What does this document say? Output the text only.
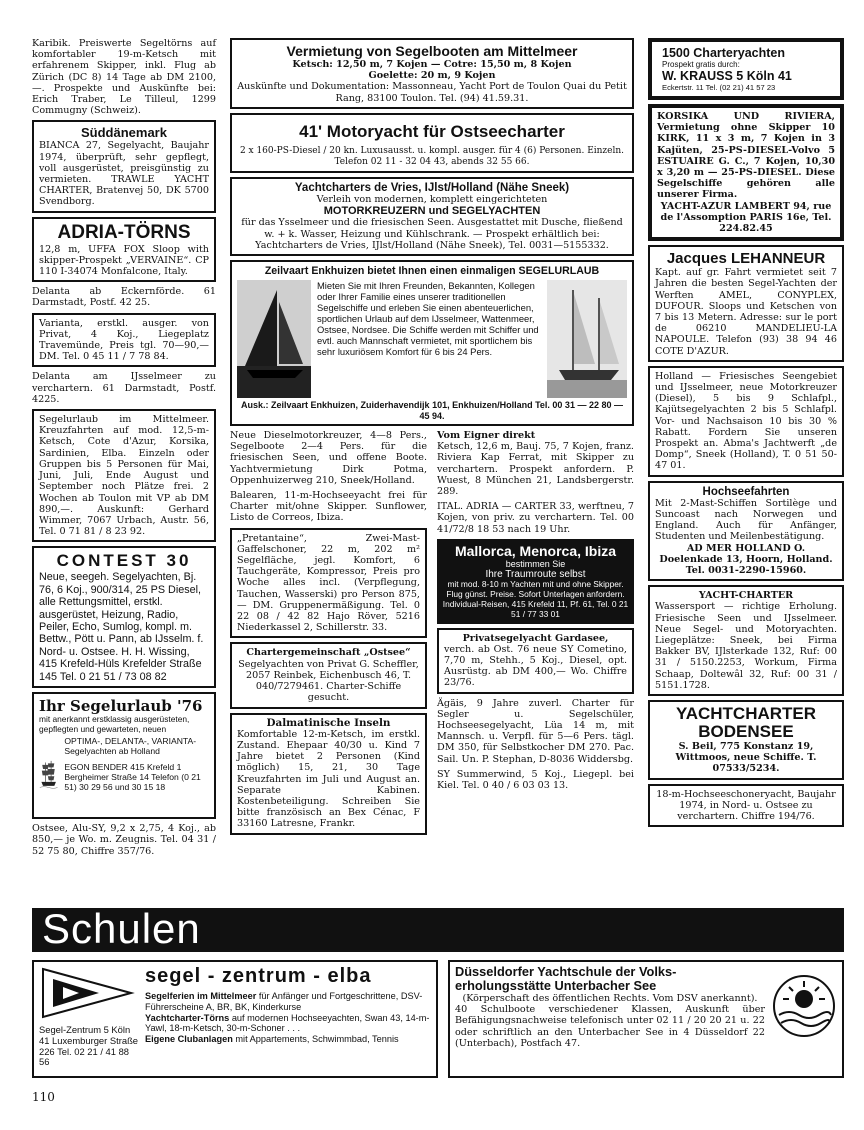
Karibik. Preiswerte Segeltörns auf komfortabler 19-m-Ketsch mit erfahrenem Skipper, inkl. Flug ab Zürich (DC 8) 14 Tage ab DM 2100,—. Prospekte und Auskünfte bei: Erich Traber, Le Tilleul, 1299 Commugny (Schweiz).
Süddänemark
BIANCA 27, Segelyacht, Baujahr 1974, überprüft, sehr gepflegt, voll ausgerüstet, preisgünstig zu vermieten. TRAWLE YACHT CHARTER, Bratenvej 50, DK 5700 Svendborg.
ADRIA-TÖRNS
12,8 m, UFFA FOX Sloop with skipper-Prospekt „VERVAINE“. CP 110 I-34074 Monfalcone, Italy.
Delanta ab Eckernförde. 61 Darmstadt, Postf. 42 25.
Varianta, erstkl. ausger. von Privat, 4 Koj., Liegeplatz Travemünde, Preis tgl. 70—90,— DM. Tel. 0 45 11 / 7 78 84.
Delanta am IJsselmeer zu verchartern. 61 Darmstadt, Postf. 4225.
Segelurlaub im Mittelmeer. Kreuzfahrten auf mod. 12,5-m-Ketsch, Cote d'Azur, Korsika, Sardinien, Elba. Einzeln oder Gruppen bis 5 Personen für Mai, Juni, Juli, Ende August und September noch Plätze frei. 2 Wochen ab Toulon mit VP ab DM 890,—. Auskunft: Gerhard Wimmer, 7067 Urbach, Austr. 56, Tel. 0 71 81 / 8 23 92.
CONTEST 30
Neue, seegeh. Segelyachten, Bj. 76, 6 Koj., 900/314, 25 PS Diesel, alle Rettungsmittel, erstkl. ausgerüstet, Heizung, Radio, Peiler, Echo, Sumlog, kompl. m. Bettw., Pött u. Pann, ab IJsselm. f. Nord- u. Ostsee. H. H. Wissing, 415 Krefeld-Hüls Krefelder Straße 145 Tel. 0 21 51 / 73 08 82
Ihr Segelurlaub '76
mit anerkannt erstklassig ausgerüsteten, gepflegten und gewarteten, neuen
OPTIMA-, DELANTA-, VARIANTA-Segelyachten ab Holland
EGON BENDER 415 Krefeld 1 Bergheimer Straße 14 Telefon (0 21 51) 30 29 56 und 30 15 18
Ostsee, Alu-SY, 9,2 x 2,75, 4 Koj., ab 850,— je Wo. m. Zeugnis. Tel. 04 31 / 52 75 80, Chiffre 357/76.
Vermietung von Segelbooten am Mittelmeer
Ketsch: 12,50 m, 7 Kojen — Cotre: 15,50 m, 8 Kojen
Goelette: 20 m, 9 Kojen
Auskünfte und Dokumentation: Massonneau, Yacht Port de Toulon Quai du Petit Rang, 83100 Toulon. Tel. (94) 41.59.31.
41' Motoryacht für Ostseecharter
2 x 160-PS-Diesel / 20 kn. Luxusausst. u. kompl. ausger. für 4 (6) Personen. Einzeln. Telefon 02 11 - 32 04 43, abends 32 55 66.
Yachtcharters de Vries, IJlst/Holland (Nähe Sneek)
Verleih von modernen, komplett eingerichteten
MOTORKREUZERN und SEGELYACHTEN
für das Ysselmeer und die friesischen Seen. Ausgestattet mit Dusche, fließend w. + k. Wasser, Heizung und Kühlschrank. — Prospekt erhältlich bei: Yachtcharters de Vries, IJlst/Holland (Nähe Sneek), Tel. 0031—5155332.
Zeilvaart Enkhuizen bietet Ihnen einen einmaligen SEGELURLAUB
Mieten Sie mit Ihren Freunden, Bekannten, Kollegen oder Ihrer Familie eines unserer traditionellen Segelschiffe und erleben Sie einen abenteuerlichen, sportlichen Urlaub auf dem IJsselmeer, Wattenmeer, Ostsee, Nordsee. Die Schiffe werden mit Schiffer und evtl. auch Mannschaft vermietet, mit sportlichem bis sehr luxuriösem Komfort für 6 bis 24 Pers.
Ausk.: Zeilvaart Enkhuizen, Zuiderhavendijk 101, Enkhuizen/Holland Tel. 00 31 — 22 80 — 45 94.
Neue Dieselmotorkreuzer, 4—8 Pers., Segelboote 2—4 Pers. für die friesischen Seen, und offene Boote. Yachtvermietung Dirk Potma, Oppenhuizerweg 210, Sneek/Holland.
Balearen, 11-m-Hochseeyacht frei für Charter mit/ohne Skipper. Sunflower, Listo de Correos, Ibiza.
„Pretantaine“, Zwei-Mast-Gaffelschoner, 22 m, 202 m² Segelfläche, jegl. Komfort, 6 Tauchgeräte, Kompressor, Preis pro Woche alles incl. (Verpflegung, Tauchen, Wasserski) pro Person 875,— DM. Gruppenermäßigung. Tel. 0 22 08 / 42 82 Hajo Röver, 5216 Niederkassel 2, Schillerstr. 33.
Chartergemeinschaft „Ostsee“
Segelyachten von Privat G. Scheffler, 2057 Reinbek, Eichenbusch 46, T. 040/7279461. Charter-Schiffe gesucht.
Dalmatinische Inseln
Komfortable 12-m-Ketsch, im erstkl. Zustand. Ehepaar 40/30 u. Kind 7 Jahre bietet 2 Personen (Kind möglich) 15, 21, 30 Tage Kreuzfahrten im Juli und August an. Separate Kabinen. Kostenbeteiligung. Schreiben Sie bitte französisch an Bex Cénac, F 33160 Latresne, Frankr.
Vom Eigner direkt
Ketsch, 12,6 m, Bauj. 75, 7 Kojen, franz. Riviera Kap Ferrat, mit Skipper zu verchartern. Prospekt anfordern. P. Wuest, 8 München 21, Landsbergerstr. 289.
ITAL. ADRIA — CARTER 33, werftneu, 7 Kojen, von priv. zu verchartern. Tel. 00 41/72/8 18 53 nach 19 Uhr.
Mallorca, Menorca, Ibiza
bestimmen Sie
Ihre Traumroute selbst
mit mod. 8-10 m Yachten mit und ohne Skipper. Flug günst. Preise. Sofort Unterlagen anfordern.
Individual-Reisen, 415 Krefeld 11, Pf. 61, Tel. 0 21 51 / 77 33 01
Privatsegelyacht Gardasee,
verch. ab Ost. 76 neue SY Cometino, 7,70 m, Stehh., 5 Koj., Diesel, opt. Ausrüstg. ab DM 400,— Wo. Chiffre 23/76.
Ägäis, 9 Jahre zuverl. Charter für Segler u. Segelschüler, Hochseesegelyacht, Lüa 14 m, mit Mannsch. u. Verpfl. für 5—6 Pers. tägl. DM 350, für Selbstkocher DM 270. Pac. Sail. Un. P. Stephan, D-8036 Widdersbg.
SY Summerwind, 5 Koj., Liegepl. bei Kiel. Tel. 0 40 / 6 03 03 13.
1500 Charteryachten
Prospekt gratis durch:
W. KRAUSS 5 Köln 41
Eckertstr. 11 Tel. (02 21) 41 57 23
KORSIKA UND RIVIERA, Vermietung ohne Skipper 10 KIRK, 11 x 3 m, 7 Kojen in 3 Kajüten, 25-PS-DIESEL-Volvo 5 ESTUAIRE G. C., 7 Kojen, 10,30 x 3,20 m — 25-PS-DIESEL. Diese Segelschiffe gehören alle unserer Firma.
YACHT-AZUR LAMBERT 94, rue de l'Assomption PARIS 16e, Tel. 224.82.45
Jacques LEHANNEUR
Kapt. auf gr. Fahrt vermietet seit 7 Jahren die besten Segel-Yachten der Werften AMEL, CONYPLEX, DUFOUR. Sloops und Ketschen von 7 bis 13 Metern. Adresse: sur le port de 06210 MANDELIEU-LA NAPOULE. Telefon (93) 38 94 46 COTE D'AZUR.
Holland — Friesisches Seengebiet und IJsselmeer, neue Motorkreuzer (Diesel), 5 bis 9 Schlafpl., Kajütsegelyachten 2 bis 5 Schlafpl. Vor- und Nachsaison 10 bis 30 % Rabatt. Fordern Sie unseren Prospekt an. Abma's Jachtwerft „de Domp“, Sneek (Holland), T. 0 51 50-47 01.
Hochseefahrten
Mit 2-Mast-Schiffen Sortilège und Suncoast nach Norwegen und England. Auch für Anfänger, Studenten und Meilenbestätigung.
AD MER HOLLAND O. Doelenkade 13, Hoorn, Holland. Tel. 0031-2290-15960.
YACHT-CHARTER
Wassersport — richtige Erholung. Friesische Seen und IJsselmeer. Neue Segel- und Motoryachten. Liegeplätze: Sneek, bei Firma Bakker BV, IJlsterkade 132, Ruf: 00 31 / 5150.2253, Workum, Firma Schaap, Doltewâl 32, Ruf: 00 31 / 5151.1728.
YACHTCHARTER BODENSEE
S. Beil, 775 Konstanz 19, Wittmoos, neue Schiffe. T. 07533/5234.
18-m-Hochseeschoneryacht, Baujahr 1974, in Nord- u. Ostsee zu verchartern. Chiffre 194/76.
Schulen
Segel-Zentrum 5 Köln 41 Luxemburger Straße 226 Tel. 02 21 / 41 88 56
segel - zentrum - elba
Segelferien im Mittelmeer für Anfänger und Fortgeschrittene, DSV-Führerscheine A, BR, BK, Kinderkurse
Yachtcharter-Törns auf modernen Hochseeyachten, Swan 43, 14-m-Yawl, 18-m-Ketsch, 30-m-Schoner . . .
Eigene Clubanlagen mit Appartements, Schwimmbad, Tennis
Düsseldorfer Yachtschule der Volks-erholungsstätte Unterbacher See
(Körperschaft des öffentlichen Rechts. Vom DSV anerkannt).
40 Schulboote verschiedener Klassen, Auskunft über Befähigungsnachweise telefonisch unter 02 11 / 20 20 21 u. 22 oder schriftlich an den Unterbacher See in 4 Düsseldorf 22 (Unterbach), Postfach 47.
110
